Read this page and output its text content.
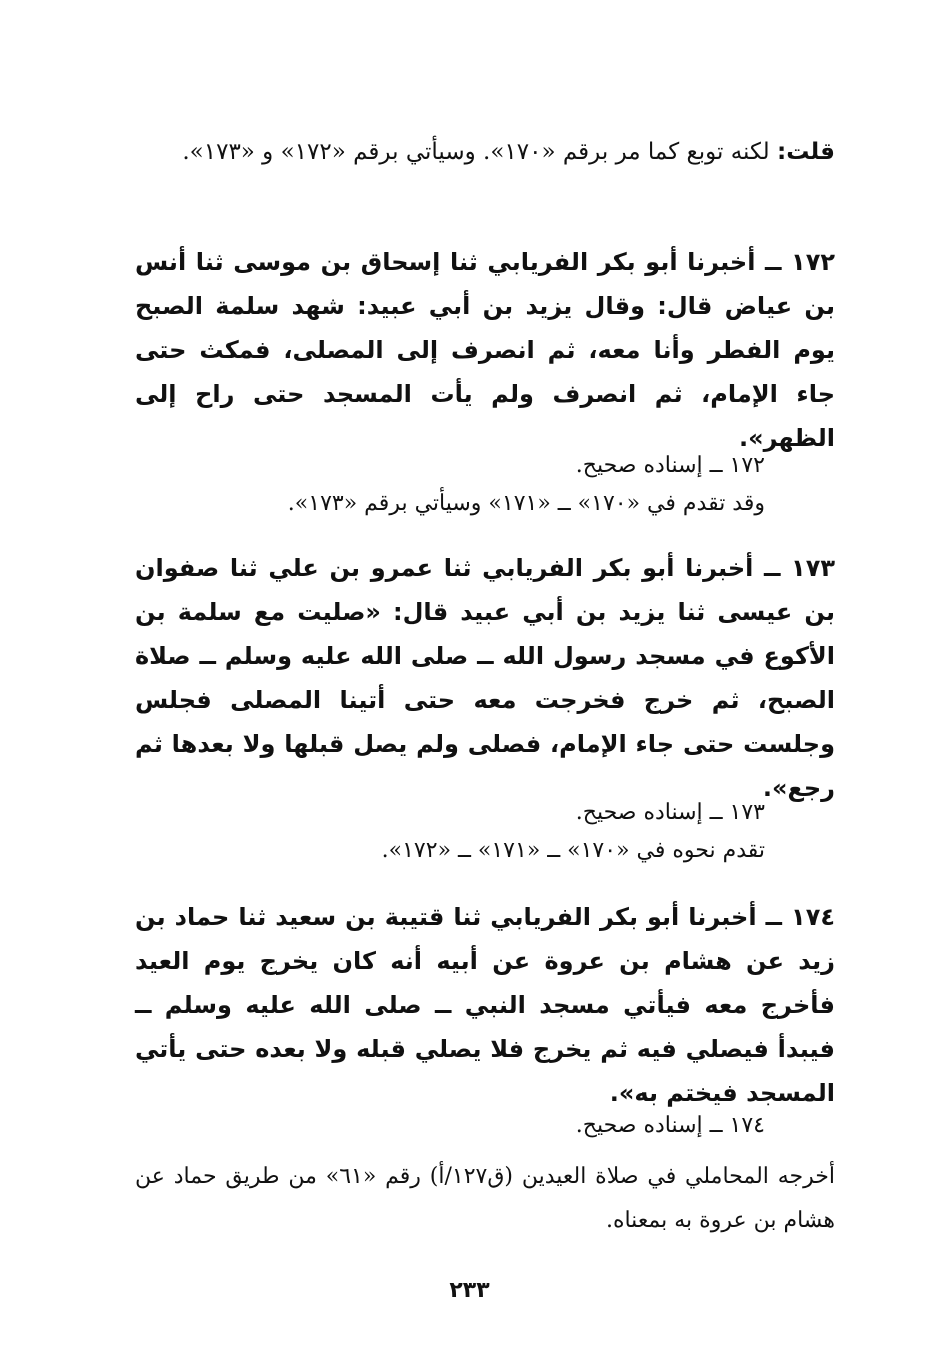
قلت: لكنه توبع كما مر برقم «١٧٠». وسيأتي برقم «١٧٢» و «١٧٣».
١٧٢ ــ أخبرنا أبو بكر الفريابي ثنا إسحاق بن موسى ثنا أنس بن عياض قال: وقال يزيد بن أبي عبيد: شهد سلمة الصبح يوم الفطر وأنا معه، ثم انصرف إلى المصلى، فمكث حتى جاء الإمام، ثم انصرف ولم يأت المسجد حتى راح إلى الظهر».
١٧٢ ــ إسناده صحيح.
وقد تقدم في «١٧٠» ــ «١٧١» وسيأتي برقم «١٧٣».
١٧٣ ــ أخبرنا أبو بكر الفريابي ثنا عمرو بن علي ثنا صفوان بن عيسى ثنا يزيد بن أبي عبيد قال: «صليت مع سلمة بن الأكوع في مسجد رسول الله ــ صلى الله عليه وسلم ــ صلاة الصبح، ثم خرج فخرجت معه حتى أتينا المصلى فجلس وجلست حتى جاء الإمام، فصلى ولم يصل قبلها ولا بعدها ثم رجع».
١٧٣ ــ إسناده صحيح.
تقدم نحوه في «١٧٠» ــ «١٧١» ــ «١٧٢».
١٧٤ ــ أخبرنا أبو بكر الفريابي ثنا قتيبة بن سعيد ثنا حماد بن زيد عن هشام بن عروة عن أبيه أنه كان يخرج يوم العيد فأخرج معه فيأتي مسجد النبي ــ صلى الله عليه وسلم ــ فيبدأ فيصلي فيه ثم يخرج فلا يصلي قبله ولا بعده حتى يأتي المسجد فيختم به».
١٧٤ ــ إسناده صحيح.
أخرجه المحاملي في صلاة العيدين (ق١٢٧/أ) رقم «٦١» من طريق حماد عن هشام بن عروة به بمعناه.
٢٣٣
